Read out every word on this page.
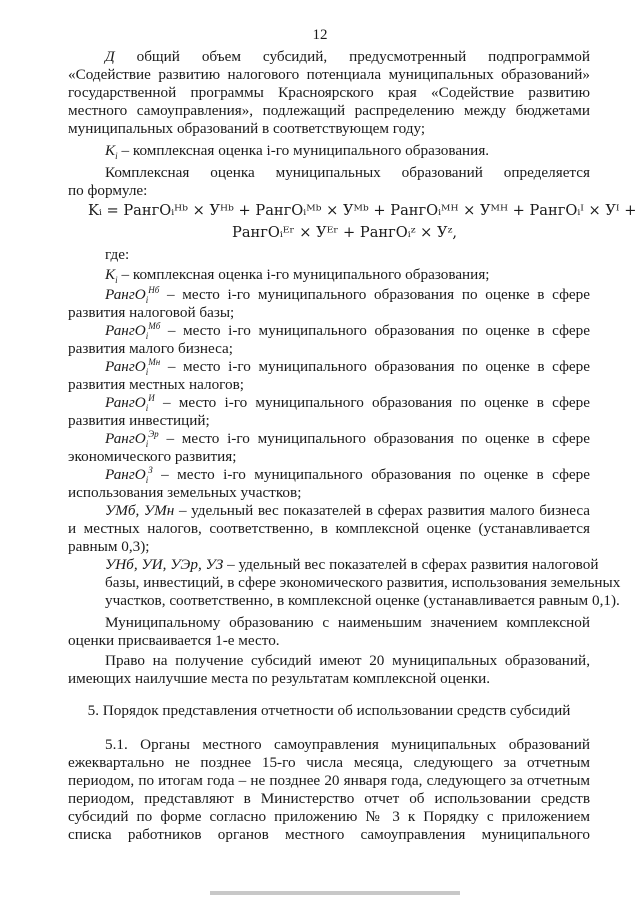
12
Д общий объем субсидий, предусмотренный подпрограммой
«Содействие развитию налогового потенциала муниципальных образований»
государственной программы Красноярского края «Содействие развитию
местного самоуправления», подлежащий распределению между бюджетами
муниципальных образований в соответствующем году;
$K_i$ – комплексная оценка i-го муниципального образования.
Комплексная оценка муниципальных образований определяется
по формуле:
Kᵢ = РангОᵢᴴᵇ × Уᴴᵇ + РангОᵢᴹᵇ × Уᴹᵇ + РангОᵢᴹᴴ × Уᴹᴴ + РангОᵢᴵ × Уᴵ +
РангОᵢᴱʳ × Уᴱʳ + РангОᵢᶻ × Уᶻ,
где:
$K_i$ – комплексная оценка i-го муниципального образования;
РангО$_i^{Нб}$ – место i-го муниципального образования по оценке в сфере
развития налоговой базы;
РангО$_i^{Мб}$ – место i-го муниципального образования по оценке в сфере
развития малого бизнеса;
РангО$_i^{Мн}$ – место i-го муниципального образования по оценке в сфере
развития местных налогов;
РангО$_i^И$ – место i-го муниципального образования по оценке в сфере
развития инвестиций;
РангО$_i^{Эр}$ – место i-го муниципального образования по оценке в сфере
экономического развития;
РангО$_i^З$ – место i-го муниципального образования по оценке в сфере
использования земельных участков;
УМб, УМн – удельный вес показателей в сферах развития малого бизнеса
и местных налогов, соответственно, в комплексной оценке (устанавливается
равным 0,3);
УНб, УИ, УЭр, УЗ – удельный вес показателей в сферах развития налоговой
базы, инвестиций, в сфере экономического развития, использования земельных
участков, соответственно, в комплексной оценке (устанавливается равным 0,1).
Муниципальному образованию с наименьшим значением комплексной
оценки присваивается 1-е место.
Право на получение субсидий имеют 20 муниципальных образований,
имеющих наилучшие места по результатам комплексной оценки.
5. Порядок представления отчетности об использовании средств субсидий
5.1. Органы местного самоуправления муниципальных образований
ежеквартально не позднее 15-го числа месяца, следующего за отчетным
периодом, по итогам года – не позднее 20 января года, следующего за отчетным
периодом, представляют в Министерство отчет об использовании средств
субсидий по форме согласно приложению № 3 к Порядку с приложением
списка работников органов местного самоуправления муниципального
